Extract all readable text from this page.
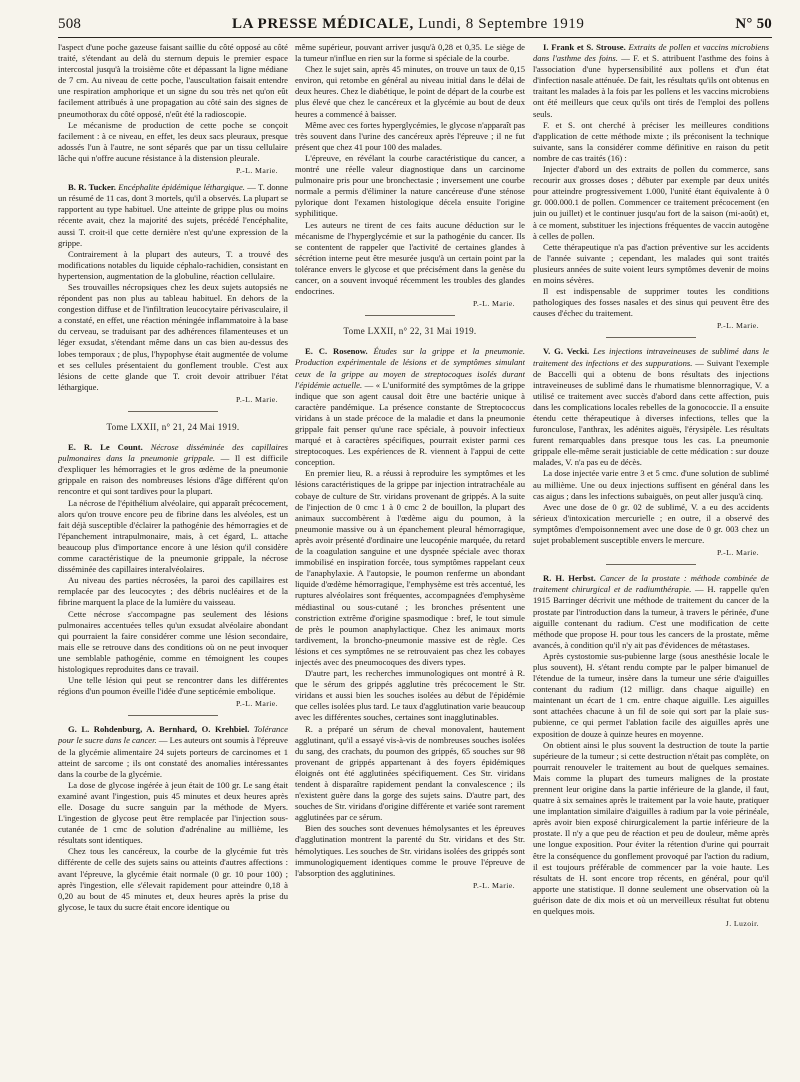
508	LA PRESSE MÉDICALE, Lundi, 8 Septembre 1919	N° 50

l'aspect d'une poche gazeuse faisant saillie du côté opposé au côté traité, s'étendant au delà du sternum depuis le premier espace intercostal jusqu'à la troisième côte et dépassant la ligne médiane de 7 cm. Au niveau de cette poche, l'auscultation faisait entendre une respiration amphorique et un signe du sou très net qu'on eût facilement attribués à une propagation au côté sain des signes de pneumothorax du côté opposé, n'eût été la radioscopie.

Le mécanisme de production de cette poche se conçoit facilement : à ce niveau, en effet, les deux sacs pleuraux, presque adossés l'un à l'autre, ne sont séparés que par un tissu cellulaire lâche qui n'offre aucune résistance à la distension pleurale.

P.-L. Marie.

B. R. Tucker. Encéphalite épidémique léthargique. — T. donne un résumé de 11 cas, dont 3 mortels, qu'il a observés. La plupart se rapportent au type habituel. Une atteinte de grippe plus ou moins récente avait, chez la majorité des sujets, précédé l'encéphalite, aussi T. croit-il que cette dernière n'est qu'une expression de la grippe.

Contrairement à la plupart des auteurs, T. a trouvé des modifications notables du liquide céphalo-rachidien, consistant en hypertension, augmentation de la globuline, réaction cellulaire.

Ses trouvailles nécropsiques chez les deux sujets autopsiés ne répondent pas non plus au tableau habituel. En dehors de la congestion diffuse et de l'infiltration leucocytaire périvasculaire, il a constaté, en effet, une réaction méningée inflammatoire à la base du cerveau, se traduisant par des adhérences filamenteuses et un léger exsudat, s'étendant même dans un cas bien au-dessus des lobes temporaux ; de plus, l'hypophyse était augmentée de volume et ses cellules présentaient du gonflement trouble. C'est aux lésions de cette glande que T. croit devoir attribuer l'état léthargique.

P.-L. Marie.
Tome LXXII, n° 21, 24 Mai 1919.

E. R. Le Count. Nécrose disséminée des capillaires pulmonaires dans la pneumonie grippale. — Il est difficile d'expliquer les hémorragies et le gros œdème de la pneumonie grippale en raison des nombreuses lésions d'âge différent qu'on rencontre et qui sont tardives pour la plupart.

La nécrose de l'épithélium alvéolaire, qui apparaît précocement, alors qu'on trouve encore peu de fibrine dans les alvéoles, est un fait déjà susceptible d'éclairer la pathogénie des hémorragies et de l'épanchement intrapulmonaire, mais, à cet égard, L. attache beaucoup plus d'importance encore à une lésion qu'il considère comme caractéristique de la pneumonie grippale, la nécrose disséminée des capillaires interalvéolaires.

Au niveau des parties nécrosées, la paroi des capillaires est remplacée par des leucocytes ; des débris nucléaires et de la fibrine marquent la place de la lumière du vaisseau.

Cette nécrose s'accompagne pas seulement des lésions pulmonaires accentuées telles qu'un exsudat alvéolaire abondant qui pourraient la faire considérer comme une lésion secondaire, mais elle se retrouve dans des conditions où on ne peut invoquer une semblable pathogénie, comme en témoignent les coupes histologiques reproduites dans ce travail.

Une telle lésion qui peut se rencontrer dans les différentes régions d'un poumon éveille l'idée d'une septicémie embolique.

P.-L. Marie.

G. L. Rohdenburg, A. Bernhard, O. Krehbiel. Tolérance pour le sucre dans le cancer. — Les auteurs ont soumis à l'épreuve de la glycémie alimentaire 24 sujets porteurs de carcinomes et 1 atteint de sarcome ; ils ont constaté des anomalies intéressantes dans la courbe de la glycémie.

La dose de glycose ingérée à jeun était de 100 gr. Le sang était examiné avant l'ingestion, puis 45 minutes et deux heures après elle. Dosage du sucre sanguin par la méthode de Myers. L'ingestion de glycose peut être remplacée par l'injection sous-cutanée de 1 cmc de solution d'adrénaline au millième, les résultats sont identiques.

Chez tous les cancéreux, la courbe de la glycémie fut très différente de celle des sujets sains ou atteints d'autres affections : avant l'épreuve, la glycémie était normale (0 gr. 10 pour 100) ; après l'ingestion, elle s'élevait rapidement pour atteindre 0,18 à 0,20 au bout de 45 minutes et, deux heures après la prise du glycose, le taux du sucre était encore identique ou

même supérieur, pouvant arriver jusqu'à 0,28 et 0,35. Le siège de la tumeur n'influe en rien sur la forme si spéciale de la courbe.

Chez le sujet sain, après 45 minutes, on trouve un taux de 0,15 environ, qui retombe en général au niveau initial dans le délai de deux heures. Chez le diabétique, le point de départ de la courbe est plus élevé que chez le cancéreux et la glycémie au bout de deux heures a commencé à baisser.

Même avec ces fortes hyperglycémies, le glycose n'apparaît pas très souvent dans l'urine des cancéreux après l'épreuve ; il ne fut présent que chez 41 pour 100 des malades.

L'épreuve, en révélant la courbe caractéristique du cancer, a montré une réelle valeur diagnostique dans un carcinome pulmonaire pris pour une bronchectasie ; inversement une courbe normale a permis d'éliminer la nature cancéreuse d'une sténose pylorique dont l'examen histologique décela ensuite l'origine syphilitique.

Les auteurs ne tirent de ces faits aucune déduction sur le mécanisme de l'hyperglycémie et sur la pathogénie du cancer. Ils se contentent de rappeler que l'activité de certaines glandes à sécrétion interne peut être mesurée jusqu'à un certain point par la tolérance envers le glycose et que précisément dans la genèse du cancer, on a souvent invoqué récemment les troubles des glandes endocrines.

P.-L. Marie.
Tome LXXII, n° 22, 31 Mai 1919.

E. C. Rosenow. Études sur la grippe et la pneumonie. Production expérimentale de lésions et de symptômes simulant ceux de la grippe au moyen de streptocoques isolés durant l'épidémie actuelle. — « L'uniformité des symptômes de la grippe indique que son agent causal doit être une bactérie unique à caractère pandémique. La présence constante de Streptococcus viridans à un stade précoce de la maladie et dans la pneumonie grippale fait penser qu'une race spéciale, à pouvoir infectieux marqué et à caractères spécifiques, pourrait exister parmi ces streptocoques. Les expériences de R. viennent à l'appui de cette conception.

En premier lieu, R. a réussi à reproduire les symptômes et les lésions caractéristiques de la grippe par injection intratrachéale au cobaye de culture de Str. viridans provenant de grippés. A la suite de l'injection de 0 cmc 1 à 0 cmc 2 de bouillon, la plupart des animaux succombèrent à l'œdème aigu du poumon, à la pneumonie massive ou à un épanchement pleural hémorragique, après avoir présenté d'ordinaire une leucopénie marquée, du retard de la coagulation sanguine et une dyspnée spéciale avec thorax immobilisé en inspiration forcée, tous symptômes rappelant ceux de l'anaphylaxie. A l'autopsie, le poumon renferme un abondant liquide d'œdème hémorragique, l'emphysème est très accentué, les ruptures alvéolaires sont fréquentes, accompagnées d'emphysème médiastinal ou sous-cutané ; les bronches présentent une constriction extrême d'origine spasmodique : bref, le tout simule de près le poumon anaphylactique. Chez les animaux morts tardivement, la broncho-pneumonie massive est de règle. Ces lésions et ces symptômes ne se retrouvaient pas chez les cobayes injectés avec des pneumocoques des divers types.

D'autre part, les recherches immunologiques ont montré à R. que le sérum des grippés agglutine très précocement le Str. viridans et aussi bien les souches isolées au début de l'épidémie que celles isolées plus tard. Le taux d'agglutination varie beaucoup avec les différentes souches, certaines sont inagglutinables.

R. a préparé un sérum de cheval monovalent, hautement agglutinant, qu'il a essayé vis-à-vis de nombreuses souches isolées du sang, des crachats, du poumon des grippés, 65 souches sur 98 provenant de grippés appartenant à des foyers épidémiques éloignés ont été agglutinées spécifiquement. Ces Str. viridans tendent à disparaître rapidement pendant la convalescence ; ils n'existent guère dans la gorge des sujets sains. D'autre part, des souches de Str. viridans d'origine différente et variée sont rarement agglutinées par ce sérum.

Bien des souches sont devenues hémolysantes et les épreuves d'agglutination montrent la parenté du Str. viridans et des Str. hémolytiques. Les souches de Str. viridans isolées des grippés sont immunologiquement identiques comme le prouve l'épreuve de l'absorption des agglutinines.

P.-L. Marie.

I. Frank et S. Strouse. Extraits de pollen et vaccins microbiens dans l'asthme des foins. — F. et S. attribuent l'asthme des foins à l'association d'une hypersensibilité aux pollens et d'un état d'infection nasale atténuée. De fait, les résultats qu'ils ont obtenus en traitant les malades à la fois par les pollens et les vaccins microbiens ont été meilleurs que ceux qu'ils ont tirés de l'emploi des pollens seuls.

F. et S. ont cherché à préciser les meilleures conditions d'application de cette méthode mixte ; ils préconisent la technique suivante, sans la considérer comme définitive en raison du petit nombre de cas traités (16) :

Injecter d'abord un des extraits de pollen du commerce, sans recourir aux grosses doses ; débuter par exemple par deux unités pour atteindre progressivement 1.000, l'unité étant équivalente à 0 gr. 000.000.1 de pollen. Commencer ce traitement précocement (en juin ou juillet) et le continuer jusqu'au fort de la saison (mi-août) et, à ce moment, substituer les injections fréquentes de vaccin autogène à celles de pollen.

Cette thérapeutique n'a pas d'action préventive sur les accidents de l'année suivante ; cependant, les malades qui sont traités plusieurs années de suite voient leurs symptômes devenir de moins en moins sévères.

Il est indispensable de supprimer toutes les conditions pathologiques des fosses nasales et des sinus qui peuvent être des causes d'échec du traitement.

P.-L. Marie.

V. G. Vecki. Les injections intraveineuses de sublimé dans le traitement des infections et des suppurations. — Suivant l'exemple de Baccelli qui a obtenu de bons résultats des injections intraveineuses de sublimé dans le rhumatisme blennorragique, V. a utilisé ce traitement avec succès d'abord dans cette affection, puis dans les complications locales rebelles de la gonococcie. Il a ensuite étendu cette thérapeutique à diverses infections, telles que la furonculose, l'anthrax, les adénites aiguës, l'érysipèle. Les résultats furent remarquables dans presque tous les cas. La pneumonie grippale elle-même serait justiciable de cette médication : sur douze malades, V. n'a pas eu de décès.

La dose injectée varie entre 3 et 5 cmc. d'une solution de sublimé au millième. Une ou deux injections suffisent en général dans les cas aigus ; dans les infections subaiguës, on peut aller jusqu'à cinq.

Avec une dose de 0 gr. 02 de sublimé, V. a eu des accidents sérieux d'intoxication mercurielle ; en outre, il a observé des symptômes d'empoisonnement avec une dose de 0 gr. 003 chez un sujet probablement susceptible envers le mercure.

P.-L. Marie.

R. H. Herbst. Cancer de la prostate : méthode combinée de traitement chirurgical et de radiumthérapie. — H. rappelle qu'en 1915 Barringer décrivit une méthode de traitement du cancer de la prostate par l'introduction dans la tumeur, à travers le périnée, d'une aiguille contenant du radium. C'est une modification de cette méthode que propose H. pour tous les cancers de la prostate, même avancés, à condition qu'il n'y ait pas d'évidences de métastases.

Après cystostomie sus-pubienne large (sous anesthésie locale le plus souvent), H. s'étant rendu compte par le palper bimanuel de l'étendue de la tumeur, insère dans la tumeur une série d'aiguilles contenant du radium (12 milligr. dans chaque aiguille) en maintenant un écart de 1 cm. entre chaque aiguille. Les aiguilles sont attachées chacune à un fil de soie qui sort par la plaie sus-pubienne, ce qui permet l'ablation facile des aiguilles après une exposition de douze à quinze heures en moyenne.

On obtient ainsi le plus souvent la destruction de toute la partie supérieure de la tumeur ; si cette destruction n'était pas complète, on pourrait renouveler le traitement au bout de quelques semaines. Mais comme la plupart des tumeurs malignes de la prostate prennent leur origine dans la partie inférieure de la glande, il faut, quatre à six semaines après le traitement par la voie haute, pratiquer une implantation similaire d'aiguilles à radium par la voie périnéale, après avoir bien exposé chirurgicalement la partie inférieure de la prostate. Il n'y a que peu de réaction et peu de douleur, même après une longue exposition. Pour éviter la rétention d'urine qui pourrait être la conséquence du gonflement provoqué par l'action du radium, il est toujours préférable de commencer par la voie haute. Les résultats de H. sont encore trop récents, en général, pour qu'il apporte une statistique. Il donne seulement une observation où la guérison date de dix mois et où un merveilleux résultat fut obtenu en quelques mois.

J. Luzoir.
